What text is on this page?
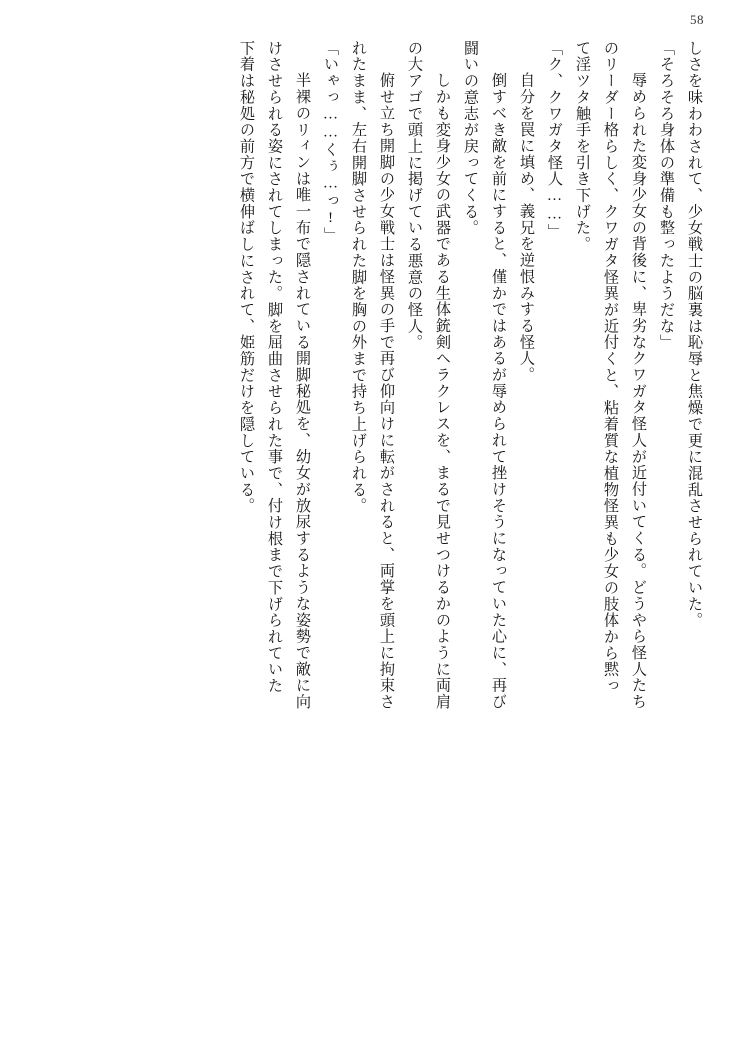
58
しさを味わわされて、少女戦士の脳裏は恥辱と焦燥で更に混乱させられていた。
「そろそろ身体の準備も整ったようだな」
　辱められた変身少女の背後に、卑劣なクワガタ怪人が近付いてくる。どうやら怪人たち
のリーダー格らしく、クワガタ怪異が近付くと、粘着質な植物怪異も少女の肢体から黙っ
て淫ツタ触手を引き下げた。
「ク、クワガタ怪人……」
　自分を罠に填め、義兄を逆恨みする怪人。
　倒すべき敵を前にすると、僅かではあるが辱められて挫けそうになっていた心に、再び
闘いの意志が戻ってくる。
　しかも変身少女の武器である生体銃剣ヘラクレスを、まるで見せつけるかのように両肩
の大アゴで頭上に掲げている悪意の怪人。
　俯せ立ち開脚の少女戦士は怪異の手で再び仰向けに転がされると、両掌を頭上に拘束さ
れたまま、左右開脚させられた脚を胸の外まで持ち上げられる。
「いゃっ……くぅ…っ!」
　半裸のリィンは唯一布で隠されている開脚秘処を、幼女が放尿するような姿勢で敵に向
けさせられる姿にされてしまった。脚を屈曲させられた事で、付け根まで下げられていた
下着は秘処の前方で横伸ばしにされて、姫筋だけを隠している。
